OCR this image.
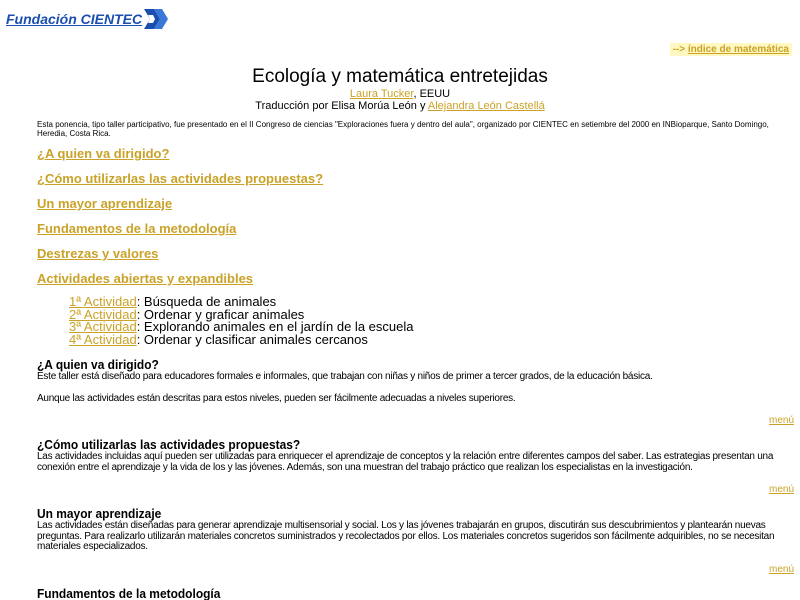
Fundación CIENTEC
--> índice de matemática
Ecología y matemática entretejidas
Laura Tucker, EEUU
Traducción por Elisa Morúa León y Alejandra León Castellá
Esta ponencia, tipo taller participativo, fue presentado en el II Congreso de ciencias "Exploraciones fuera y dentro del aula", organizado por CIENTEC en setiembre del 2000 en INBioparque, Santo Domingo, Heredia, Costa Rica.
¿A quien va dirigido?
¿Cómo utilizarlas las actividades propuestas?
Un mayor aprendizaje
Fundamentos de la metodología
Destrezas y valores
Actividades abiertas y expandibles
1ª Actividad: Búsqueda de animales
2ª Actividad: Ordenar y graficar animales
3ª Actividad: Explorando animales en el jardín de la escuela
4ª Actividad: Ordenar y clasificar animales cercanos
¿A quien va dirigido?

Este taller está diseñado para educadores formales e informales, que trabajan con niñas y niños de primer a tercer grados, de la educación básica.

Aunque las actividades están descritas para estos niveles, pueden ser fácilmente adecuadas a niveles superiores.

menú
¿Cómo utilizarlas las actividades propuestas?

Las actividades incluidas aquí pueden ser utilizadas para enriquecer el aprendizaje de conceptos y la relación entre diferentes campos del saber. Las estrategias presentan una conexión entre el aprendizaje y la vida de los y las jóvenes. Además, son una muestran del trabajo práctico que realizan los especialistas en la investigación.

menú
Un mayor aprendizaje

Las actividades están diseñadas para generar aprendizaje multisensorial y social. Los y las jóvenes trabajarán en grupos, discutirán sus descubrimientos y plantearán nuevas preguntas. Para realizarlo utilizarán materiales concretos suministrados y recolectados por ellos. Los materiales concretos sugeridos son fácilmente adquiribles, no se necesitan materiales especializados.

menú
Fundamentos de la metodología
